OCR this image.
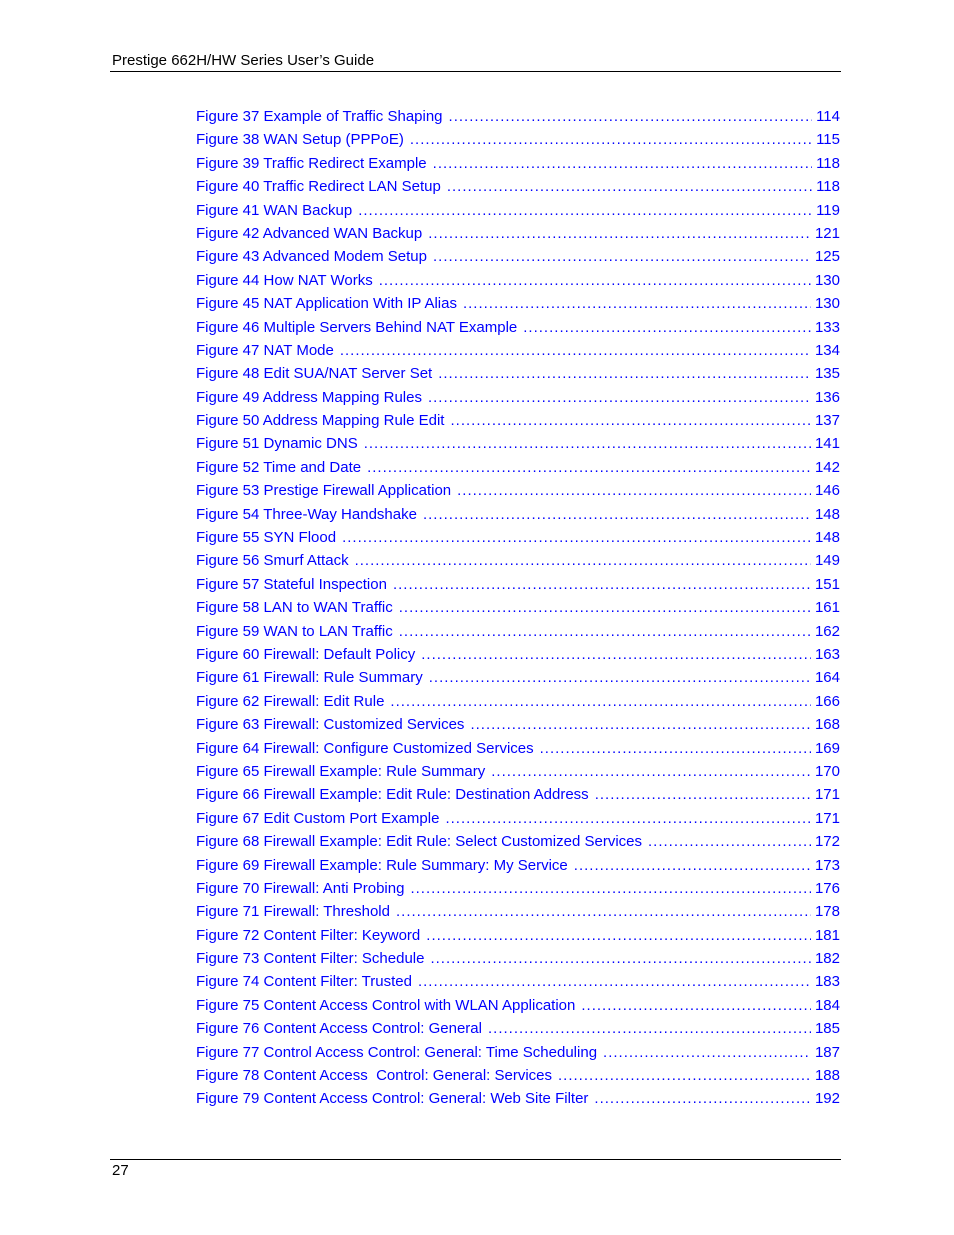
Prestige 662H/HW Series User’s Guide
Figure 37 Example of Traffic Shaping .....	114
Figure 38 WAN Setup (PPPoE) .....	115
Figure 39 Traffic Redirect Example .....	118
Figure 40 Traffic Redirect LAN Setup .....	118
Figure 41 WAN Backup .....	119
Figure 42 Advanced WAN Backup .....	121
Figure 43 Advanced Modem Setup .....	125
Figure 44 How NAT Works .....	130
Figure 45 NAT Application With IP Alias .....	130
Figure 46 Multiple Servers Behind NAT Example .....	133
Figure 47 NAT Mode .....	134
Figure 48 Edit SUA/NAT Server Set .....	135
Figure 49 Address Mapping Rules .....	136
Figure 50 Address Mapping Rule Edit .....	137
Figure 51 Dynamic DNS .....	141
Figure 52 Time and Date .....	142
Figure 53 Prestige Firewall Application .....	146
Figure 54 Three-Way Handshake .....	148
Figure 55 SYN Flood .....	148
Figure 56 Smurf Attack .....	149
Figure 57 Stateful Inspection .....	151
Figure 58 LAN to WAN Traffic .....	161
Figure 59 WAN to LAN Traffic .....	162
Figure 60 Firewall: Default Policy .....	163
Figure 61 Firewall: Rule Summary .....	164
Figure 62 Firewall: Edit Rule .....	166
Figure 63 Firewall: Customized Services .....	168
Figure 64 Firewall: Configure Customized Services .....	169
Figure 65 Firewall Example: Rule Summary .....	170
Figure 66 Firewall Example: Edit Rule: Destination Address .....	171
Figure 67 Edit Custom Port Example .....	171
Figure 68 Firewall Example: Edit Rule: Select Customized Services .....	172
Figure 69 Firewall Example: Rule Summary: My Service .....	173
Figure 70 Firewall: Anti Probing .....	176
Figure 71 Firewall: Threshold .....	178
Figure 72 Content Filter: Keyword .....	181
Figure 73 Content Filter: Schedule .....	182
Figure 74 Content Filter: Trusted .....	183
Figure 75 Content Access Control with WLAN Application .....	184
Figure 76 Content Access Control: General .....	185
Figure 77 Control Access Control: General: Time Scheduling .....	187
Figure 78 Content Access  Control: General: Services .....	188
Figure 79 Content Access Control: General: Web Site Filter .....	192
27
